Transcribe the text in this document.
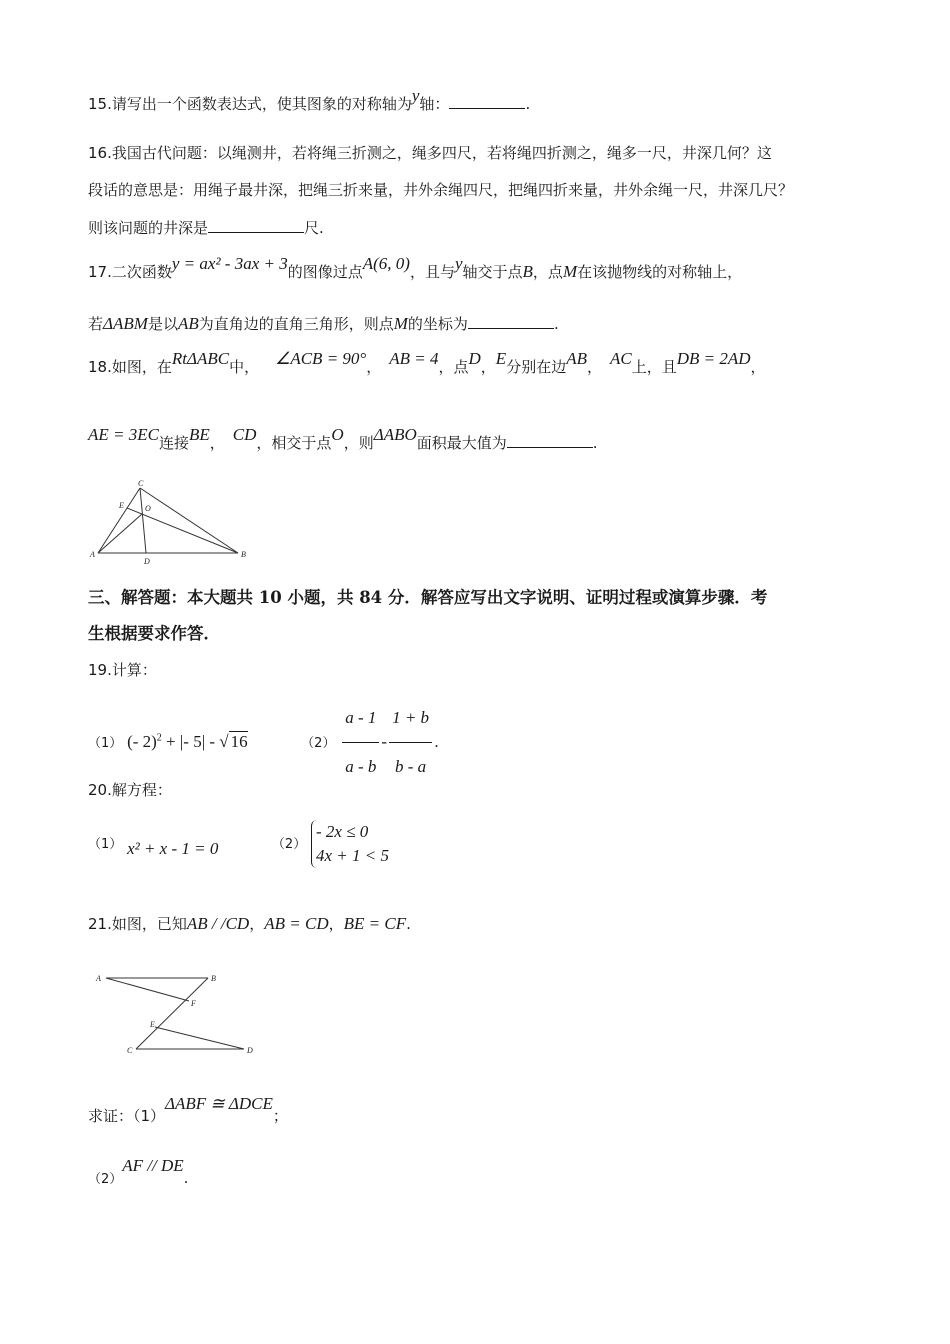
15.请写出一个函数表达式，使其图象的对称轴为y轴：	.
16.我国古代问题：以绳测井，若将绳三折测之，绳多四尺，若将绳四折测之，绳多一尺，井深几何？这
段话的意思是：用绳子最井深，把绳三折来量，井外余绳四尺，把绳四折来量，井外余绳一尺，井深几尺？
则该问题的井深是	尺.
17.二次函数y = ax² - 3ax + 3的图像过点A(6, 0)，且与y轴交于点B，点M在该抛物线的对称轴上，
若ΔABM是以AB为直角边的直角三角形，则点M的坐标为	.
18.如图，在RtΔABC中， ∠ACB = 90°， AB = 4，点D，E分别在边AB， AC上，且DB = 2AD，
AE = 3EC连接BE， CD，相交于点O，则ΔABO面积最大值为	.
A	B
C
D
E	O
三、解答题：本大题共 10 小题，共 84 分．解答应写出文字说明、证明过程或演算步骤．考
生根据要求作答．
19.计算：
（1） (- 2)$^2$ + |- 5| - √ 16	$(2) \frac{a - 1}{a - b} - \frac{1 + b}{b - a}$ .
20.解方程：
（1） x² + x - 1 = 0	（2）
- 2x ≤ 0
4x + 1 < 5
21.如图，已知AB / /CD，AB = CD，BE = CF.
A	B
C	D
E
F
求证：（1）ΔABF ≅ ΔDCE；
（2）AF // DE.
